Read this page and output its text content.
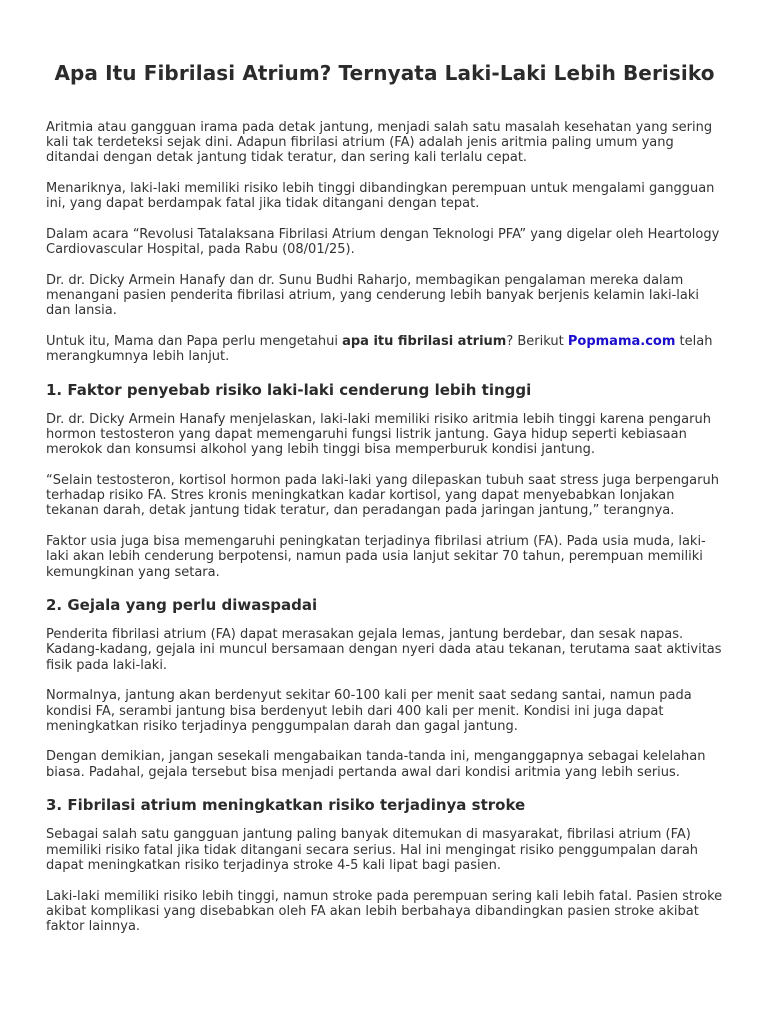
Apa Itu Fibrilasi Atrium? Ternyata Laki-Laki Lebih Berisiko

Aritmia atau gangguan irama pada detak jantung, menjadi salah satu masalah kesehatan yang sering kali tak terdeteksi sejak dini. Adapun fibrilasi atrium (FA) adalah jenis aritmia paling umum yang ditandai dengan detak jantung tidak teratur, dan sering kali terlalu cepat.

Menariknya, laki-laki memiliki risiko lebih tinggi dibandingkan perempuan untuk mengalami gangguan ini, yang dapat berdampak fatal jika tidak ditangani dengan tepat.

Dalam acara “Revolusi Tatalaksana Fibrilasi Atrium dengan Teknologi PFA” yang digelar oleh Heartology Cardiovascular Hospital, pada Rabu (08/01/25).

Dr. dr. Dicky Armein Hanafy dan dr. Sunu Budhi Raharjo, membagikan pengalaman mereka dalam menangani pasien penderita fibrilasi atrium, yang cenderung lebih banyak berjenis kelamin laki-laki dan lansia.

Untuk itu, Mama dan Papa perlu mengetahui apa itu fibrilasi atrium? Berikut Popmama.com telah merangkumnya lebih lanjut.

1. Faktor penyebab risiko laki-laki cenderung lebih tinggi

Dr. dr. Dicky Armein Hanafy menjelaskan, laki-laki memiliki risiko aritmia lebih tinggi karena pengaruh hormon testosteron yang dapat memengaruhi fungsi listrik jantung. Gaya hidup seperti kebiasaan merokok dan konsumsi alkohol yang lebih tinggi bisa memperburuk kondisi jantung.

“Selain testosteron, kortisol hormon pada laki-laki yang dilepaskan tubuh saat stress juga berpengaruh terhadap risiko FA. Stres kronis meningkatkan kadar kortisol, yang dapat menyebabkan lonjakan tekanan darah, detak jantung tidak teratur, dan peradangan pada jaringan jantung,” terangnya.

Faktor usia juga bisa memengaruhi peningkatan terjadinya fibrilasi atrium (FA). Pada usia muda, laki-laki akan lebih cenderung berpotensi, namun pada usia lanjut sekitar 70 tahun, perempuan memiliki kemungkinan yang setara.

2. Gejala yang perlu diwaspadai

Penderita fibrilasi atrium (FA) dapat merasakan gejala lemas, jantung berdebar, dan sesak napas. Kadang-kadang, gejala ini muncul bersamaan dengan nyeri dada atau tekanan, terutama saat aktivitas fisik pada laki-laki.

Normalnya, jantung akan berdenyut sekitar 60-100 kali per menit saat sedang santai, namun pada kondisi FA, serambi jantung bisa berdenyut lebih dari 400 kali per menit. Kondisi ini juga dapat meningkatkan risiko terjadinya penggumpalan darah dan gagal jantung.

Dengan demikian, jangan sesekali mengabaikan tanda-tanda ini, menganggapnya sebagai kelelahan biasa. Padahal, gejala tersebut bisa menjadi pertanda awal dari kondisi aritmia yang lebih serius.

3. Fibrilasi atrium meningkatkan risiko terjadinya stroke

Sebagai salah satu gangguan jantung paling banyak ditemukan di masyarakat, fibrilasi atrium (FA) memiliki risiko fatal jika tidak ditangani secara serius. Hal ini mengingat risiko penggumpalan darah dapat meningkatkan risiko terjadinya stroke 4-5 kali lipat bagi pasien.

Laki-laki memiliki risiko lebih tinggi, namun stroke pada perempuan sering kali lebih fatal. Pasien stroke akibat komplikasi yang disebabkan oleh FA akan lebih berbahaya dibandingkan pasien stroke akibat faktor lainnya.
